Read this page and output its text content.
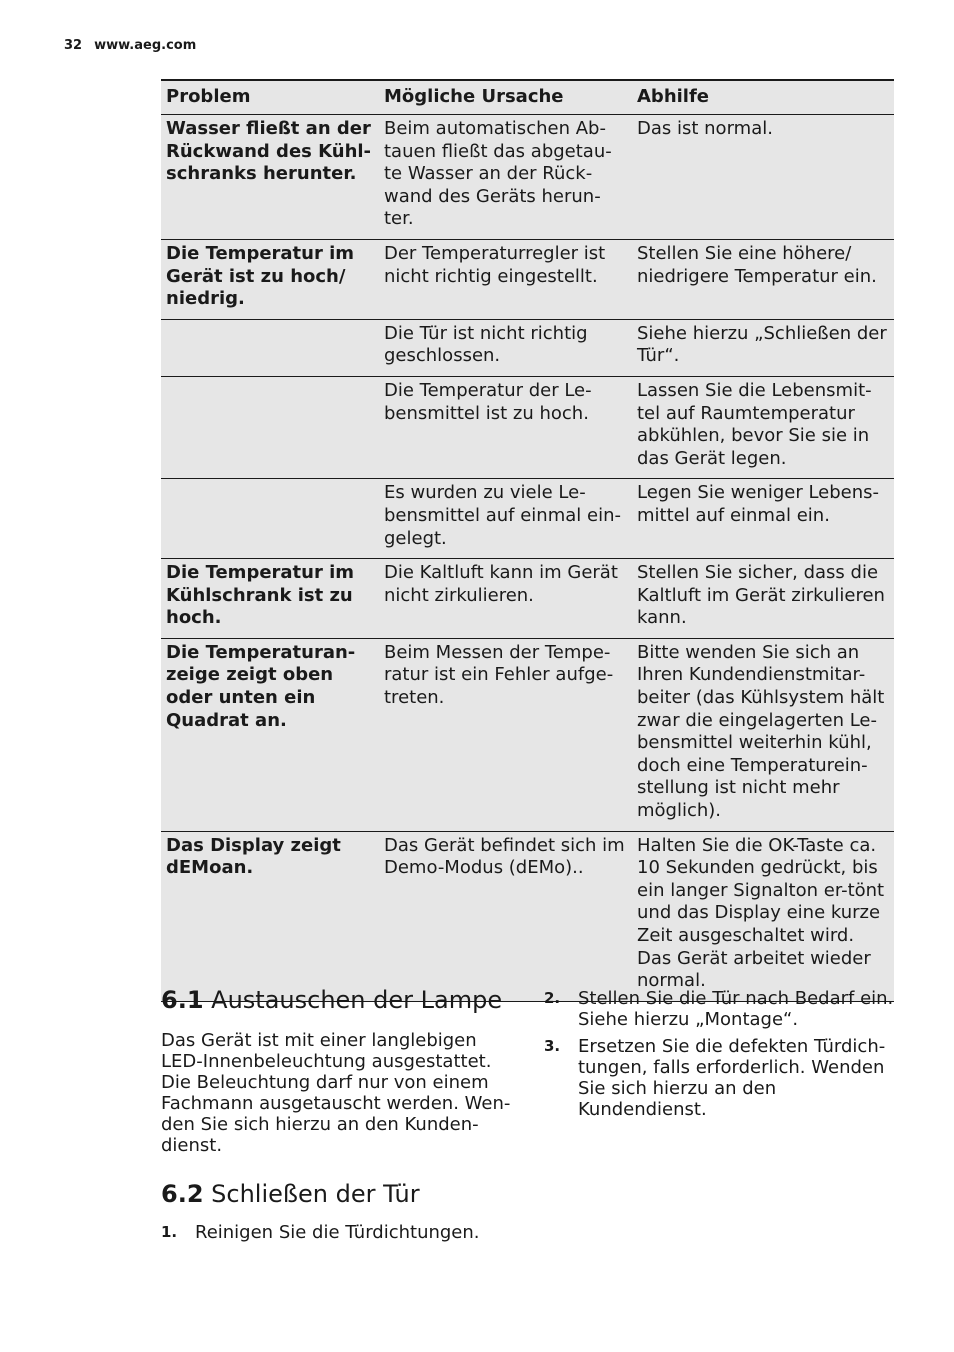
32 www.aeg.com
Problem	Mögliche Ursache	Abhilfe
Wasser fließt an der Rückwand des Kühl-schranks herunter.	Beim automatischen Ab-tauen fließt das abgetau-te Wasser an der Rück-wand des Geräts herun-ter.	Das ist normal.
Die Temperatur im Gerät ist zu hoch/ niedrig.	Der Temperaturregler ist nicht richtig eingestellt.	Stellen Sie eine höhere/ niedrigere Temperatur ein.
	Die Tür ist nicht richtig geschlossen.	Siehe hierzu „Schließen der Tür“.
	Die Temperatur der Le-bensmittel ist zu hoch.	Lassen Sie die Lebensmit-tel auf Raumtemperatur abkühlen, bevor Sie sie in das Gerät legen.
	Es wurden zu viele Le-bensmittel auf einmal ein-gelegt.	Legen Sie weniger Lebens-mittel auf einmal ein.
Die Temperatur im Kühlschrank ist zu hoch.	Die Kaltluft kann im Gerät nicht zirkulieren.	Stellen Sie sicher, dass die Kaltluft im Gerät zirkulieren kann.
Die Temperaturan-zeige zeigt oben oder unten ein Quadrat an.	Beim Messen der Tempe-ratur ist ein Fehler aufge-treten.	Bitte wenden Sie sich an Ihren Kundendienstmitar-beiter (das Kühlsystem hält zwar die eingelagerten Le-bensmittel weiterhin kühl, doch eine Temperaturein-stellung ist nicht mehr möglich).
Das Display zeigt dEMoan.	Das Gerät befindet sich im Demo-Modus (dEMo)..	Halten Sie die OK-Taste ca. 10 Sekunden gedrückt, bis ein langer Signalton er-tönt und das Display eine kurze Zeit ausgeschaltet wird. Das Gerät arbeitet wieder normal.
6.1 Austauschen der Lampe

Das Gerät ist mit einer langlebigen LED-Innenbeleuchtung ausgestattet.

Die Beleuchtung darf nur von einem Fachmann ausgetauscht werden. Wen-den Sie sich hierzu an den Kunden-dienst.

6.2 Schließen der Tür
1. Reinigen Sie die Türdichtungen.
2. Stellen Sie die Tür nach Bedarf ein. Siehe hierzu „Montage“.
3. Ersetzen Sie die defekten Türdich-tungen, falls erforderlich. Wenden Sie sich hierzu an den Kundendienst.
